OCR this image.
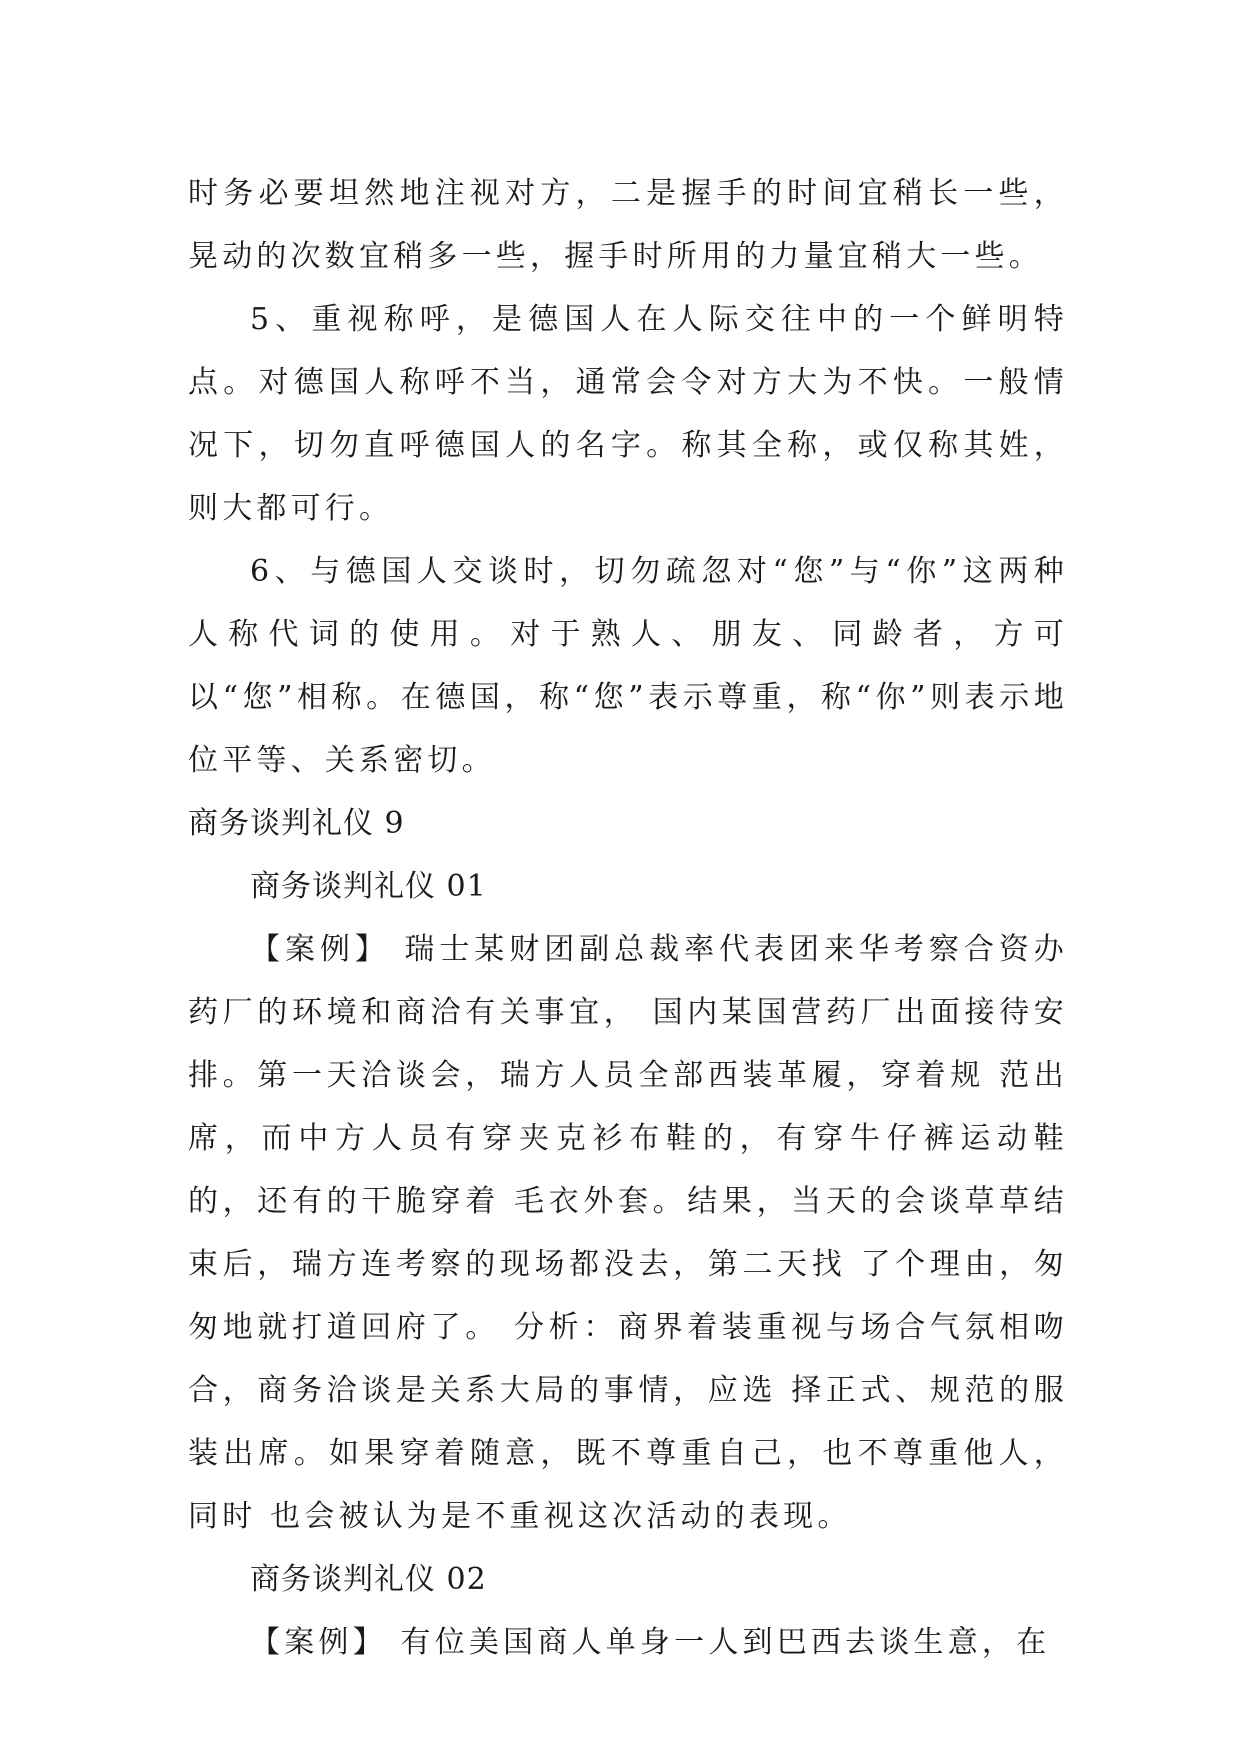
时务必要坦然地注视对方，二是握手的时间宜稍长一些，晃动的次数宜稍多一些，握手时所用的力量宜稍大一些。

5、重视称呼，是德国人在人际交往中的一个鲜明特点。对德国人称呼不当，通常会令对方大为不快。一般情况下，切勿直呼德国人的名字。称其全称，或仅称其姓，则大都可行。

6、与德国人交谈时，切勿疏忽对“您”与“你”这两种人称代词的使用。对于熟人、朋友、同龄者，方可以“您”相称。在德国，称“您”表示尊重，称“你”则表示地位平等、关系密切。

商务谈判礼仪 9
商务谈判礼仪 01

【案例】 瑞士某财团副总裁率代表团来华考察合资办药厂的环境和商洽有关事宜， 国内某国营药厂出面接待安排。第一天洽谈会，瑞方人员全部西装革履，穿着规 范出席，而中方人员有穿夹克衫布鞋的，有穿牛仔裤运动鞋的，还有的干脆穿着 毛衣外套。结果，当天的会谈草草结束后，瑞方连考察的现场都没去，第二天找 了个理由，匆匆地就打道回府了。 分析：商界着装重视与场合气氛相吻合，商务洽谈是关系大局的事情，应选 择正式、规范的服装出席。如果穿着随意，既不尊重自己，也不尊重他人，同时 也会被认为是不重视这次活动的表现。

商务谈判礼仪 02

【案例】 有位美国商人单身一人到巴西去谈生意，在
